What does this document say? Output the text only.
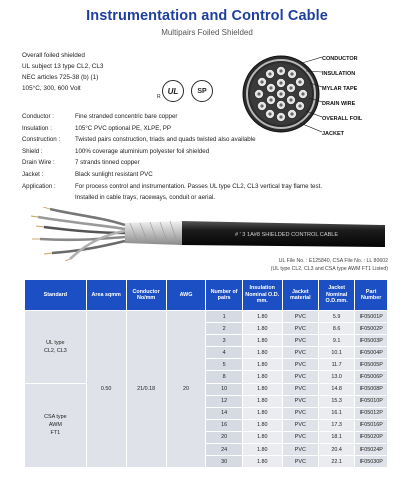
Instrumentation and Control Cable
Multipairs Foiled Shielded
Overall foiled shielded
UL subject 13 type CL2, CL3
NEC articles 725-38 (b) (1)
105°C, 300, 600 Volt	UL
R
SP
CONDUCTOR
INSULATION
MYLAR TAPE
DRAIN WIRE
OVERALL FOIL
JACKET
Conductor :	Fine stranded concentric bare copper
Insulation :	105°C PVC optional PE, XLPE, PP
Construction :	Twisted pairs construction, triads and quads twisted also available
Shield :	100% coverage aluminium polyester foil shielded
Drain Wire :	7 strands tinned copper
Jacket :	Black sunlight resistant PVC
Application :	For process control and instrumentation. Passes UL type CL2, CL3 vertical tray flame test.
Installed in cable trays, raceways, conduit or aerial.
# ' 3 1A#8 SHIELDED CONTROL CABLE
UL File No. : E125840, CSA File No. : LL 80602
(UL type CL2, CL3 and CSA type AWM FT1 Listed)
Standard	Area sqmm	Conductor No/mm	AWG	Number of pairs	Insulation Nominal O.D. mm.	Jacket material	Jacket Nominal O.D.mm.	Part Number

UL type
CL2, CL3	0.50	21/0.18	20	1	1.80	PVC	5.9	IF05001P
				2	1.80	PVC	8.6	IF05002P
				3	1.80	PVC	9.1	IF05003P
				4	1.80	PVC	10.1	IF05004P
				5	1.80	PVC	11.7	IF05005P
				8	1.80	PVC	13.0	IF05006P

CSA type
AWM
FT1				10	1.80	PVC	14.8	IF05008P
				12	1.80	PVC	15.3	IF05010P
				14	1.80	PVC	16.1	IF05012P
				16	1.80	PVC	17.3	IF05016P
				20	1.80	PVC	18.1	IF05020P
				24	1.80	PVC	20.4	IF05024P
				30	1.80	PVC	22.1	IF05030P
